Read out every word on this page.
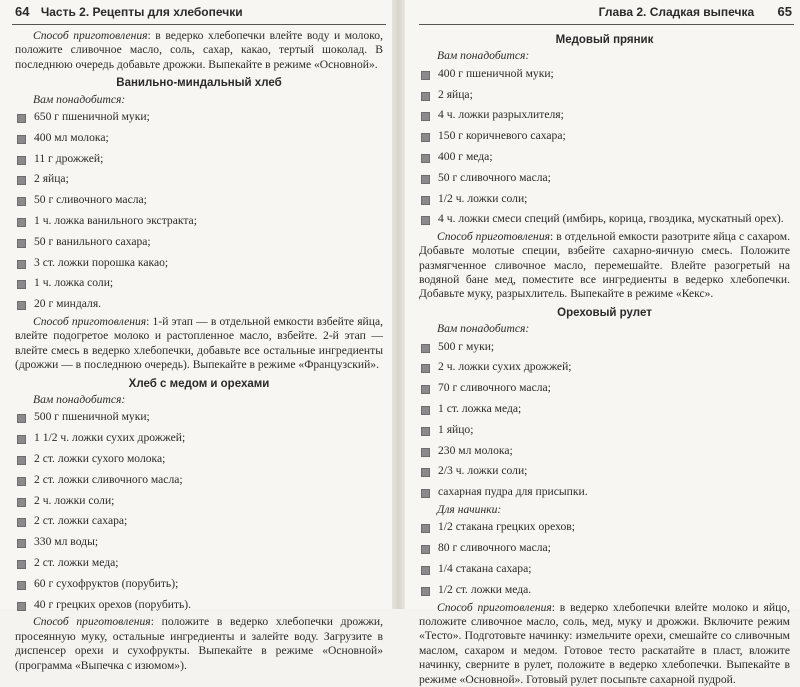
64 Часть 2. Рецепты для хлебопечки

Способ приготовления: в ведерко хлебопечки влейте воду и молоко, положите сливочное масло, соль, сахар, какао, тертый шоколад. В последнюю очередь добавьте дрожжи. Выпекайте в режиме «Основной».

Ванильно-миндальный хлеб

Вам понадобится:

650 г пшеничной муки;
400 мл молока;
11 г дрожжей;
2 яйца;
50 г сливочного масла;
1 ч. ложка ванильного экстракта;
50 г ванильного сахара;
3 ст. ложки порошка какао;
1 ч. ложка соли;
20 г миндаля.

Способ приготовления: 1-й этап — в отдельной емкости взбейте яйца, влейте подогретое молоко и растопленное масло, взбейте. 2-й этап — влейте смесь в ведерко хлебопечки, добавьте все остальные ингредиенты (дрожжи — в последнюю очередь). Выпекайте в режиме «Французский».

Хлеб с медом и орехами

Вам понадобится:

500 г пшеничной муки;
1 1/2 ч. ложки сухих дрожжей;
2 ст. ложки сухого молока;
2 ст. ложки сливочного масла;
2 ч. ложки соли;
2 ст. ложки сахара;
330 мл воды;
2 ст. ложки меда;
60 г сухофруктов (порубить);
40 г грецких орехов (порубить).

Способ приготовления: положите в ведерко хлебопечки дрожжи, просеянную муку, остальные ингредиенты и залейте воду. Загрузите в диспенсер орехи и сухофрукты. Выпекайте в режиме «Основной» (программа «Выпечка с изюмом»).

Глава 2. Сладкая выпечка 65
Медовый пряник

Вам понадобится:

400 г пшеничной муки;
2 яйца;
4 ч. ложки разрыхлителя;
150 г коричневого сахара;
400 г меда;
50 г сливочного масла;
1/2 ч. ложки соли;
4 ч. ложки смеси специй (имбирь, корица, гвоздика, мускатный орех).

Способ приготовления: в отдельной емкости разотрите яйца с сахаром. Добавьте молотые специи, взбейте сахарно-яичную смесь. Положите размягченное сливочное масло, перемешайте. Влейте разогретый на водяной бане мед, поместите все ингредиенты в ведерко хлебопечки. Добавьте муку, разрыхлитель. Выпекайте в режиме «Кекс».

Ореховый рулет

Вам понадобится:

500 г муки;
2 ч. ложки сухих дрожжей;
70 г сливочного масла;
1 ст. ложка меда;
1 яйцо;
230 мл молока;
2/3 ч. ложки соли;
сахарная пудра для присыпки.

Для начинки:

1/2 стакана грецких орехов;
80 г сливочного масла;
1/4 стакана сахара;
1/2 ст. ложки меда.

Способ приготовления: в ведерко хлебопечки влейте молоко и яйцо, положите сливочное масло, соль, мед, муку и дрожжи. Включите режим «Тесто». Подготовьте начинку: измельчите орехи, смешайте со сливочным маслом, сахаром и медом. Готовое тесто раскатайте в пласт, вложите начинку, сверните в рулет, положите в ведерко хлебопечки. Выпекайте в режиме «Основной». Готовый рулет посыпьте сахарной пудрой.
